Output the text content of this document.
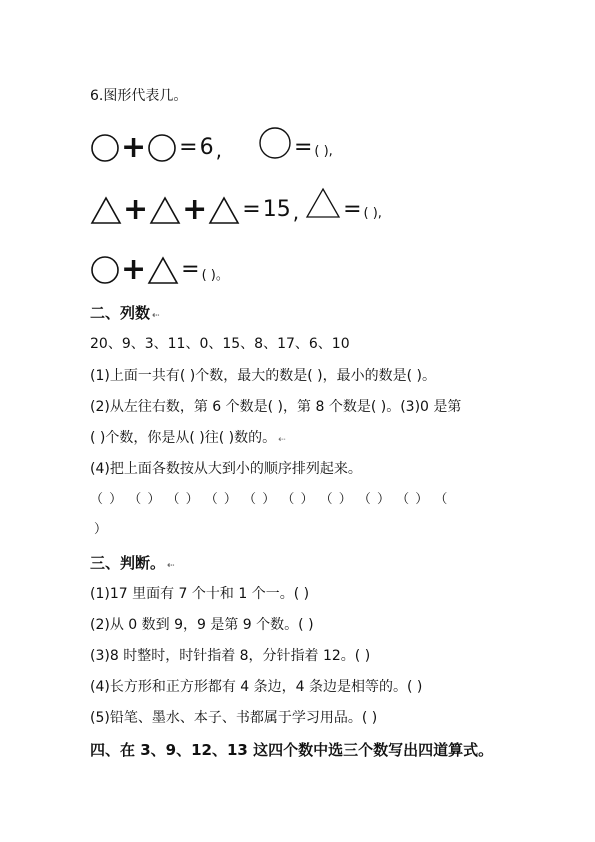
6.图形代表几。
+ = 6 ,	= ( ) ,
+ + = 15 , = ( ) ,
+ = ( )。
二、列数 ⇠
20、9、3、11、0、15、8、17、6、10
(1)上面一共有( )个数，最大的数是( )，最小的数是( )。
(2)从左往右数，第 6 个数是( )，第 8 个数是( )。(3)0 是第
( )个数，你是从( )往( )数的。 ⇠
(4)把上面各数按从大到小的顺序排列起来。
（ ） （ ） （ ） （ ） （ ） （ ） （ ） （ ） （ ） （
）
三、判断。 ⇠
(1)17 里面有 7 个十和 1 个一。( )
(2)从 0 数到 9，9 是第 9 个数。( )
(3)8 时整时，时针指着 8，分针指着 12。( )
(4)长方形和正方形都有 4 条边，4 条边是相等的。( )
(5)铅笔、墨水、本子、书都属于学习用品。( )
四、在 3、9、12、13 这四个数中选三个数写出四道算式。
